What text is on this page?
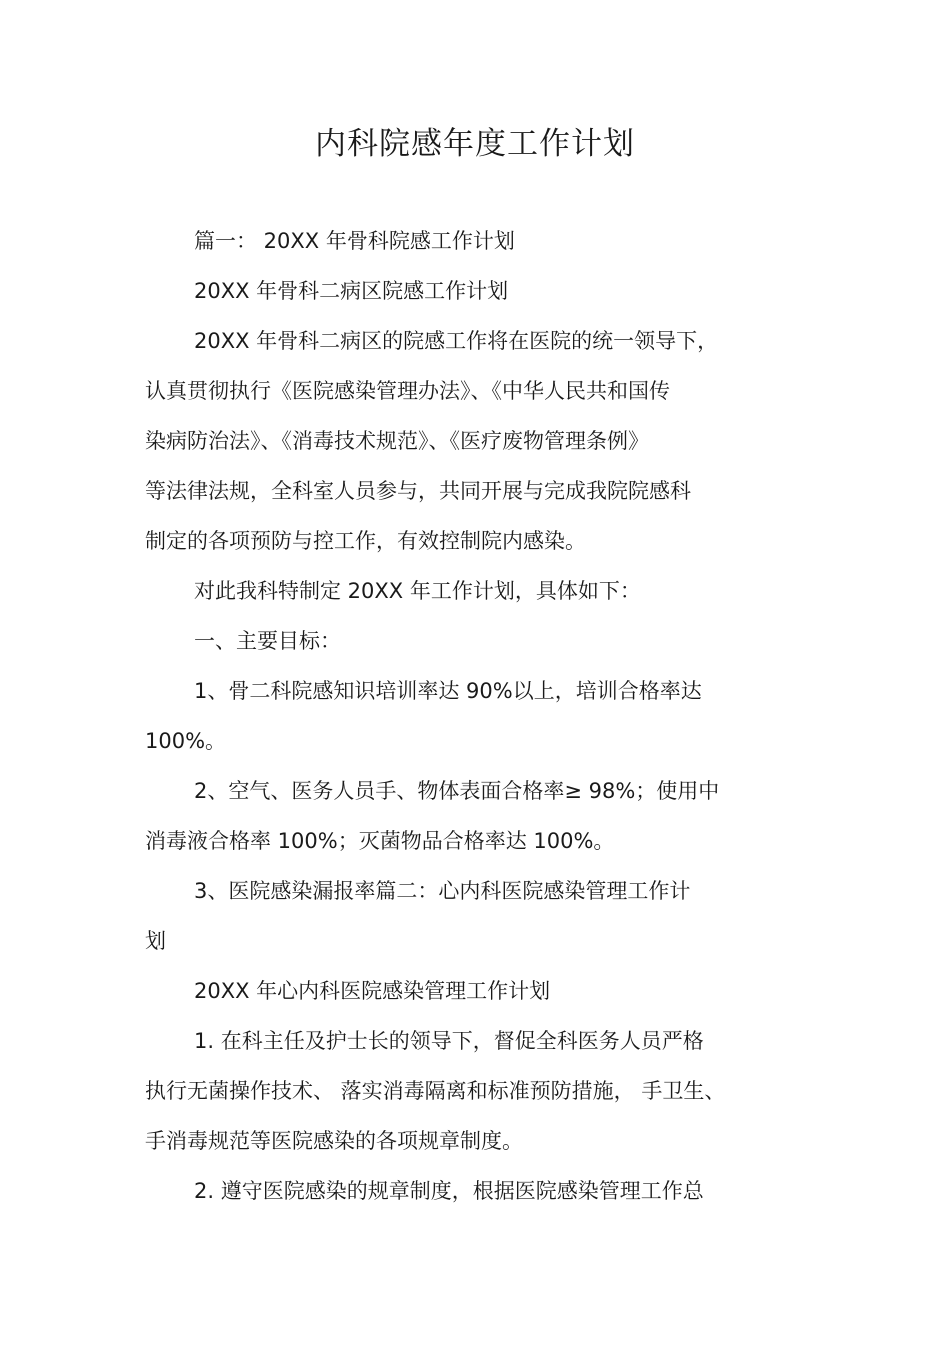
内科院感年度工作计划
篇一： 20XX 年骨科院感工作计划
20XX 年骨科二病区院感工作计划
20XX 年骨科二病区的院感工作将在医院的统一领导下，
认真贯彻执行《医院感染管理办法》、《中华人民共和国传
染病防治法》、《消毒技术规范》、《医疗废物管理条例》
等法律法规，全科室人员参与，共同开展与完成我院院感科
制定的各项预防与控工作，有效控制院内感染。
对此我科特制定 20XX 年工作计划，具体如下：
一、主要目标：
1、骨二科院感知识培训率达 90%以上，培训合格率达
100%。
2、空气、医务人员手、物体表面合格率≥ 98%；使用中
消毒液合格率 100%；灭菌物品合格率达 100%。
3、医院感染漏报率篇二：心内科医院感染管理工作计
划
20XX 年心内科医院感染管理工作计划
1. 在科主任及护士长的领导下，督促全科医务人员严格
执行无菌操作技术、 落实消毒隔离和标准预防措施， 手卫生、
手消毒规范等医院感染的各项规章制度。
2. 遵守医院感染的规章制度，根据医院感染管理工作总
